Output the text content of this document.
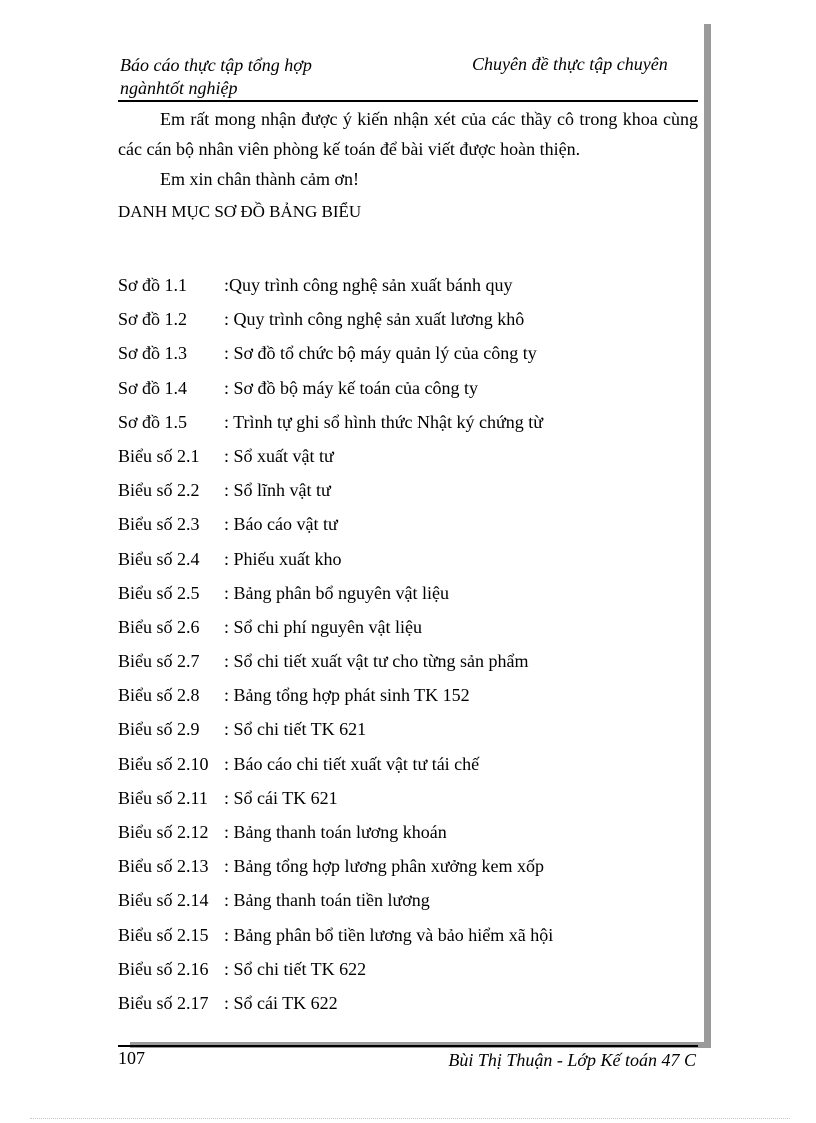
Báo cáo thực tập tổng hợp
ngànhtốt nghiệp
Chuyên đề thực tập chuyên

Em rất mong nhận được ý kiến nhận xét của các thầy cô trong khoa cùng các cán bộ nhân viên phòng kế toán để bài viết được hoàn thiện.

Em xin chân thành cảm ơn!

DANH MỤC SƠ ĐỒ BẢNG BIỂU
Sơ đồ 1.1 :Quy trình công nghệ sản xuất bánh quy
Sơ đồ 1.2 : Quy trình công nghệ sản xuất lương khô
Sơ đồ 1.3 : Sơ đồ tổ chức bộ máy quản lý của công ty
Sơ đồ 1.4 : Sơ đồ bộ máy kế toán của công ty
Sơ đồ 1.5 : Trình tự ghi sổ hình thức Nhật ký chứng từ
Biểu số 2.1 : Sổ xuất vật tư
Biểu số 2.2 : Sổ lĩnh vật tư
Biểu số 2.3 : Báo cáo vật tư
Biểu số 2.4 : Phiếu xuất kho
Biểu số 2.5 : Bảng phân bổ nguyên vật liệu
Biểu số 2.6 : Sổ chi phí nguyên vật liệu
Biểu số 2.7 : Sổ chi tiết xuất vật tư cho từng sản phẩm
Biểu số 2.8 : Bảng tổng hợp phát sinh TK 152
Biểu số 2.9 : Sổ chi tiết TK 621
Biểu số 2.10 : Báo cáo chi tiết xuất vật tư tái chế
Biểu số 2.11 : Sổ cái TK 621
Biểu số 2.12 : Bảng thanh toán lương khoán
Biểu số 2.13 : Bảng tổng hợp lương phân xưởng kem xốp
Biểu số 2.14 : Bảng thanh toán tiền lương
Biểu số 2.15 : Bảng phân bổ tiền lương và bảo hiểm xã hội
Biểu số 2.16 : Sổ chi tiết TK 622
Biểu số 2.17 : Sổ cái TK 622
107	Bùi Thị Thuận - Lớp Kế toán 47 C
